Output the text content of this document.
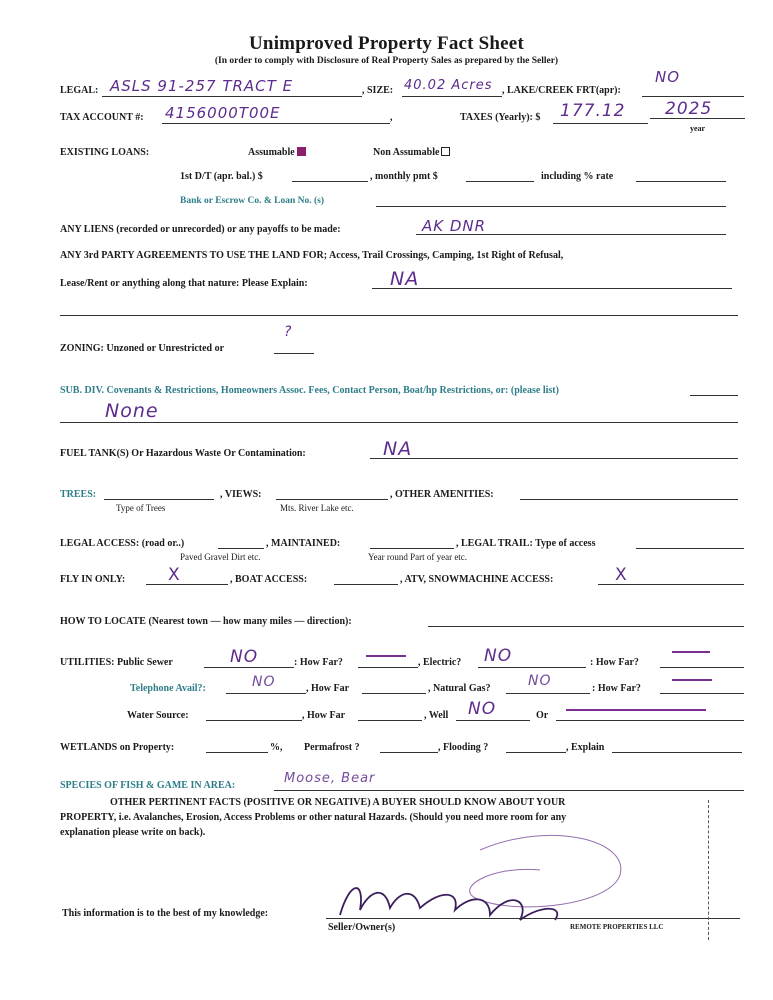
Unimproved Property Fact Sheet
(In order to comply with Disclosure of Real Property Sales as prepared by the Seller)
LEGAL: ASLS 91-257 TRACT E	, SIZE: 40.02 Acres , LAKE/CREEK FRT(apr):
NO
TAX ACCOUNT #: 4156000T00E	,	TAXES (Yearly): $ 177.12 2025
year
EXISTING LOANS:	Assumable	Non Assumable
1st D/T (apr. bal.) $	, monthly pmt $	including % rate
Bank or Escrow Co. & Loan No. (s)
ANY LIENS (recorded or unrecorded) or any payoffs to be made:	AK DNR
ANY 3rd PARTY AGREEMENTS TO USE THE LAND FOR; Access, Trail Crossings, Camping, 1st Right of Refusal,
Lease/Rent or anything along that nature: Please Explain:	NA
ZONING: Unzoned or Unrestricted or
?
SUB. DIV. Covenants & Restrictions, Homeowners Assoc. Fees, Contact Person, Boat/hp Restrictions, or: (please list)
None
FUEL TANK(S) Or Hazardous Waste Or Contamination:	NA
TREES:
Type of Trees
, VIEWS:
Mts. River Lake etc.
, OTHER AMENITIES:
LEGAL ACCESS: (road or..)
Paved Gravel Dirt etc.
, MAINTAINED:
Year round Part of year etc.
, LEGAL TRAIL: Type of access
FLY IN ONLY:	X	, BOAT ACCESS:	, ATV, SNOWMACHINE ACCESS:	X
HOW TO LOCATE (Nearest town — how many miles — direction):
UTILITIES: Public Sewer	NO	: How Far?	, Electric? NO	: How Far?
Telephone Avail?:	NO	, How Far	, Natural Gas?	NO	: How Far?
Water Source:	, How Far	, Well NO	Or
WETLANDS on Property:	%, Permafrost ?	, Flooding ?	, Explain
SPECIES OF FISH & GAME IN AREA:	Moose, Bear
OTHER PERTINENT FACTS (POSITIVE OR NEGATIVE) A BUYER SHOULD KNOW ABOUT YOUR
PROPERTY, i.e. Avalanches, Erosion, Access Problems or other natural Hazards. (Should you need more room for any
explanation please write on back).
This information is to the best of my knowledge:
Seller/Owner(s)	REMOTE PROPERTIES LLC
